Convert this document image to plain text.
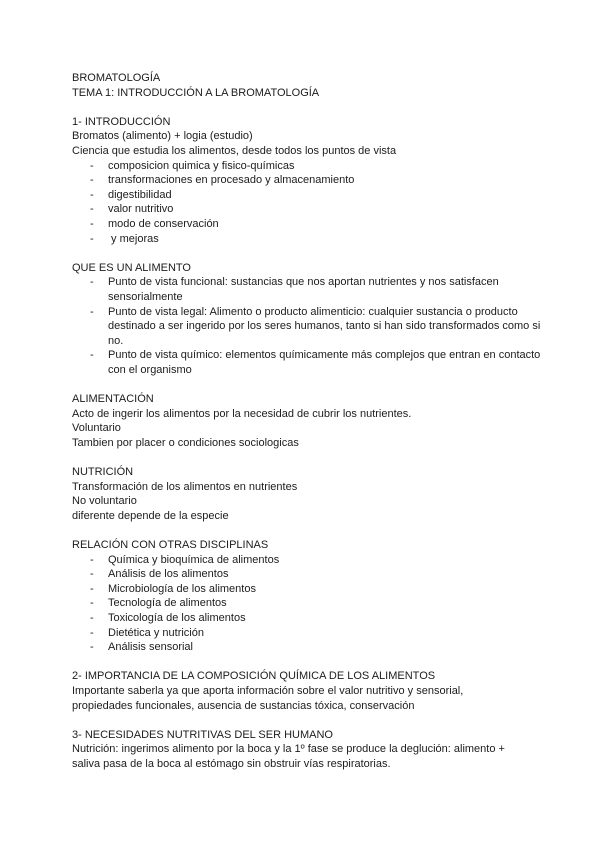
BROMATOLOGÍA
TEMA 1: INTRODUCCIÓN A LA BROMATOLOGÍA
1- INTRODUCCIÓN
Bromatos (alimento) + logia (estudio)
Ciencia que estudia los alimentos, desde todos los puntos de vista
- composicion quimica y fisico-químicas
- transformaciones en procesado y almacenamiento
- digestibilidad
- valor nutritivo
- modo de conservación
-  y mejoras
QUE ES UN ALIMENTO
- Punto de vista funcional: sustancias que nos aportan nutrientes y nos satisfacen sensorialmente
- Punto de vista legal: Alimento o producto alimenticio: cualquier sustancia o producto destinado a ser ingerido por los seres humanos, tanto si han sido transformados como si no.
- Punto de vista químico: elementos químicamente más complejos que entran en contacto con el organismo
ALIMENTACIÓN
Acto de ingerir los alimentos por la necesidad de cubrir los nutrientes.
Voluntario
Tambien por placer o condiciones sociologicas
NUTRICIÓN
Transformación de los alimentos en nutrientes
No voluntario
diferente depende de la especie
RELACIÓN CON OTRAS DISCIPLINAS
- Química y bioquímica de alimentos
- Análisis de los alimentos
- Microbiología de los alimentos
- Tecnología de alimentos
- Toxicología de los alimentos
- Dietética y nutrición
- Análisis sensorial
2- IMPORTANCIA DE LA COMPOSICIÓN QUÍMICA DE LOS ALIMENTOS
Importante saberla ya que aporta información sobre el valor nutritivo y sensorial,
propiedades funcionales, ausencia de sustancias tóxica, conservación
3- NECESIDADES NUTRITIVAS DEL SER HUMANO
Nutrición: ingerimos alimento por la boca y la 1º fase se produce la deglución: alimento +
saliva pasa de la boca al estómago sin obstruir vías respiratorias.
